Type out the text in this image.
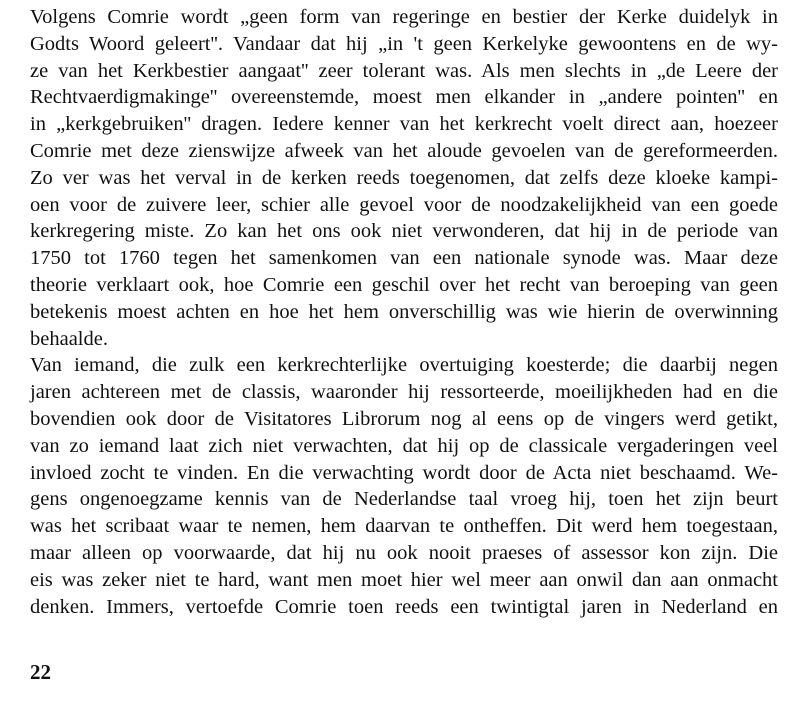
Volgens Comrie wordt „geen form van regeringe en bestier der Kerke duidelyk in
Godts Woord geleert''. Vandaar dat hij „in 't geen Kerkelyke gewoontens en de wy-
ze van het Kerkbestier aangaat'' zeer tolerant was. Als men slechts in „de Leere der
Rechtvaerdigmakinge'' overeenstemde, moest men elkander in „andere pointen'' en
in „kerkgebruiken'' dragen. Iedere kenner van het kerkrecht voelt direct aan, hoezeer
Comrie met deze zienswijze afweek van het aloude gevoelen van de gereformeerden.
Zo ver was het verval in de kerken reeds toegenomen, dat zelfs deze kloeke kampi-
oen voor de zuivere leer, schier alle gevoel voor de noodzakelijkheid van een goede
kerkregering miste. Zo kan het ons ook niet verwonderen, dat hij in de periode van
1750 tot 1760 tegen het samenkomen van een nationale synode was. Maar deze
theorie verklaart ook, hoe Comrie een geschil over het recht van beroeping van geen
betekenis moest achten en hoe het hem onverschillig was wie hierin de overwinning
behaalde.
Van iemand, die zulk een kerkrechterlijke overtuiging koesterde; die daarbij negen
jaren achtereen met de classis, waaronder hij ressorteerde, moeilijkheden had en die
bovendien ook door de Visitatores Librorum nog al eens op de vingers werd getikt,
van zo iemand laat zich niet verwachten, dat hij op de classicale vergaderingen veel
invloed zocht te vinden. En die verwachting wordt door de Acta niet beschaamd. We-
gens ongenoegzame kennis van de Nederlandse taal vroeg hij, toen het zijn beurt
was het scribaat waar te nemen, hem daarvan te ontheffen. Dit werd hem toegestaan,
maar alleen op voorwaarde, dat hij nu ook nooit praeses of assessor kon zijn. Die
eis was zeker niet te hard, want men moet hier wel meer aan onwil dan aan onmacht
denken. Immers, vertoefde Comrie toen reeds een twintigtal jaren in Nederland en
22
